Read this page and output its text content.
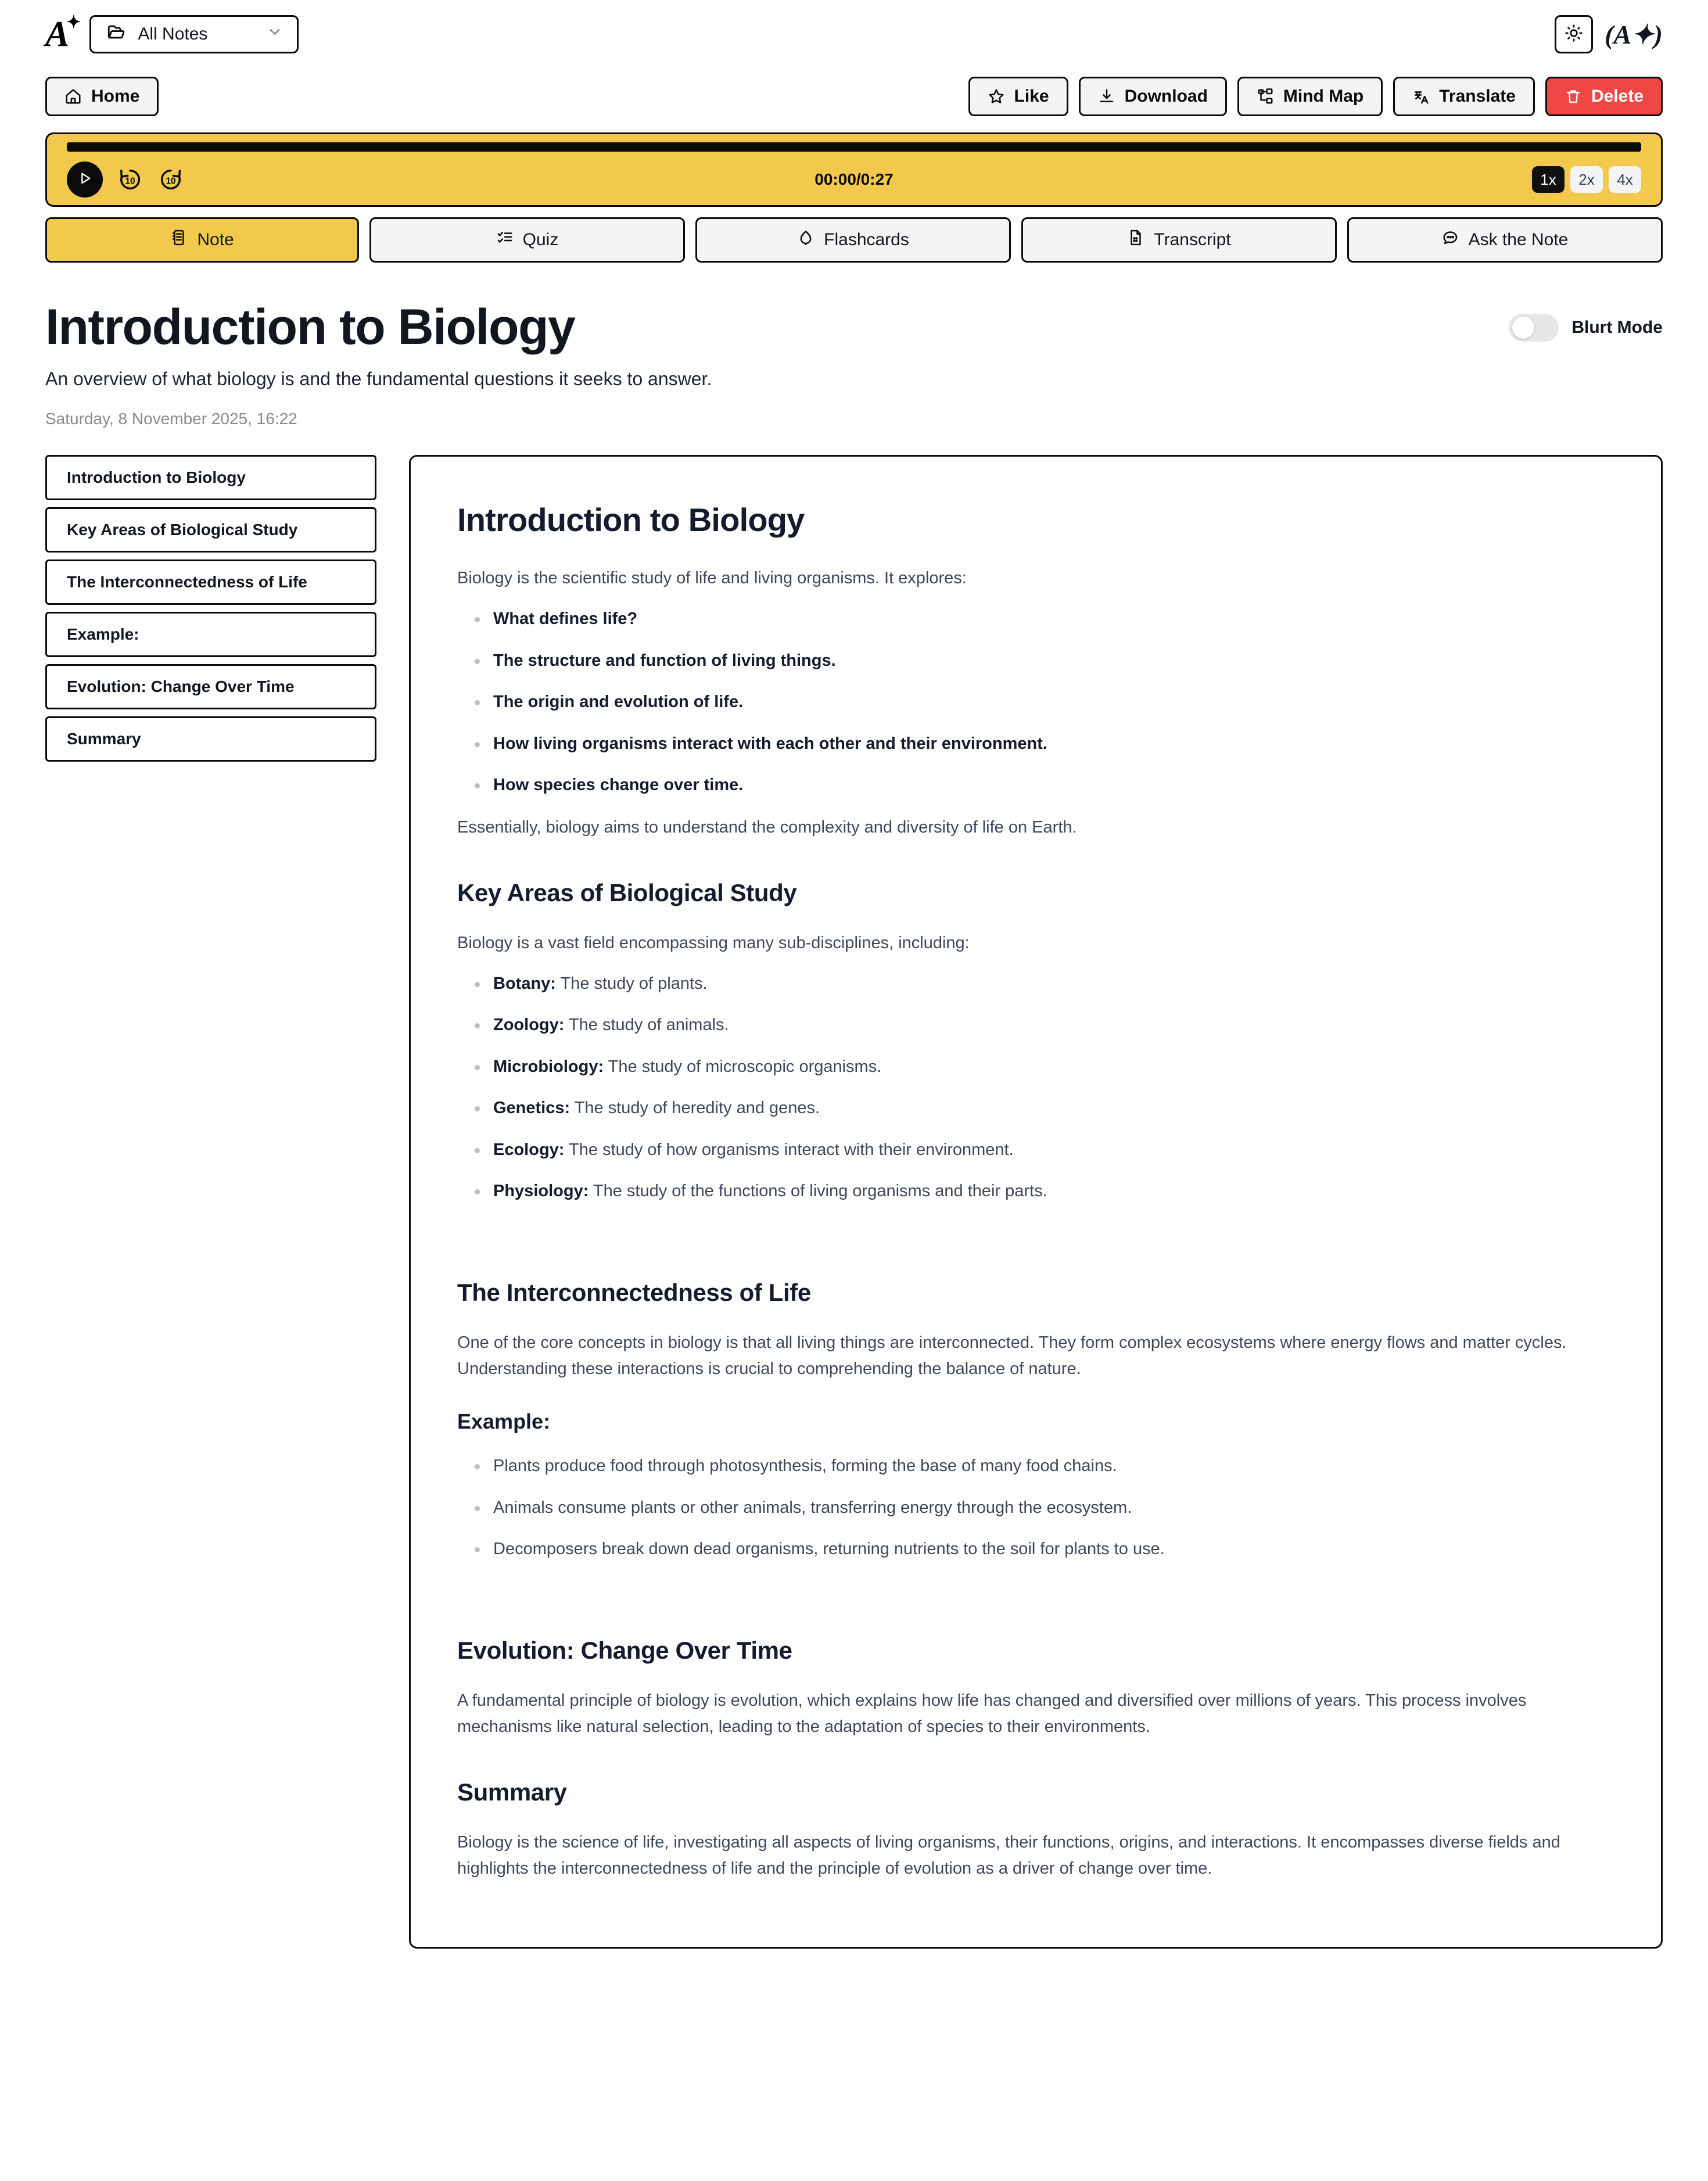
A
✦
All Notes	(A✦)
Home	Like	Download	Mind Map	Translate	Delete
10	10	00:00/0:27	1x	2x	4x
Note	Quiz	Flashcards	Transcript	Ask the Note
Introduction to Biology
An overview of what biology is and the fundamental questions it seeks to answer.
Saturday, 8 November 2025, 16:22
Blurt Mode
Introduction to Biology
Key Areas of Biological Study
The Interconnectedness of Life
Example:
Evolution: Change Over Time
Summary
Introduction to Biology

Biology is the scientific study of life and living organisms. It explores:

What defines life?
The structure and function of living things.
The origin and evolution of life.
How living organisms interact with each other and their environment.
How species change over time.

Essentially, biology aims to understand the complexity and diversity of life on Earth.

Key Areas of Biological Study

Biology is a vast field encompassing many sub-disciplines, including:

Botany: The study of plants.
Zoology: The study of animals.
Microbiology: The study of microscopic organisms.
Genetics: The study of heredity and genes.
Ecology: The study of how organisms interact with their environment.
Physiology: The study of the functions of living organisms and their parts.
The Interconnectedness of Life

One of the core concepts in biology is that all living things are interconnected. They form complex ecosystems where energy flows and matter cycles. Understanding these interactions is crucial to comprehending the balance of nature.

Example:
Plants produce food through photosynthesis, forming the base of many food chains.
Animals consume plants or other animals, transferring energy through the ecosystem.
Decomposers break down dead organisms, returning nutrients to the soil for plants to use.
Evolution: Change Over Time

A fundamental principle of biology is evolution, which explains how life has changed and diversified over millions of years. This process involves mechanisms like natural selection, leading to the adaptation of species to their environments.

Summary

Biology is the science of life, investigating all aspects of living organisms, their functions, origins, and interactions. It encompasses diverse fields and highlights the interconnectedness of life and the principle of evolution as a driver of change over time.
